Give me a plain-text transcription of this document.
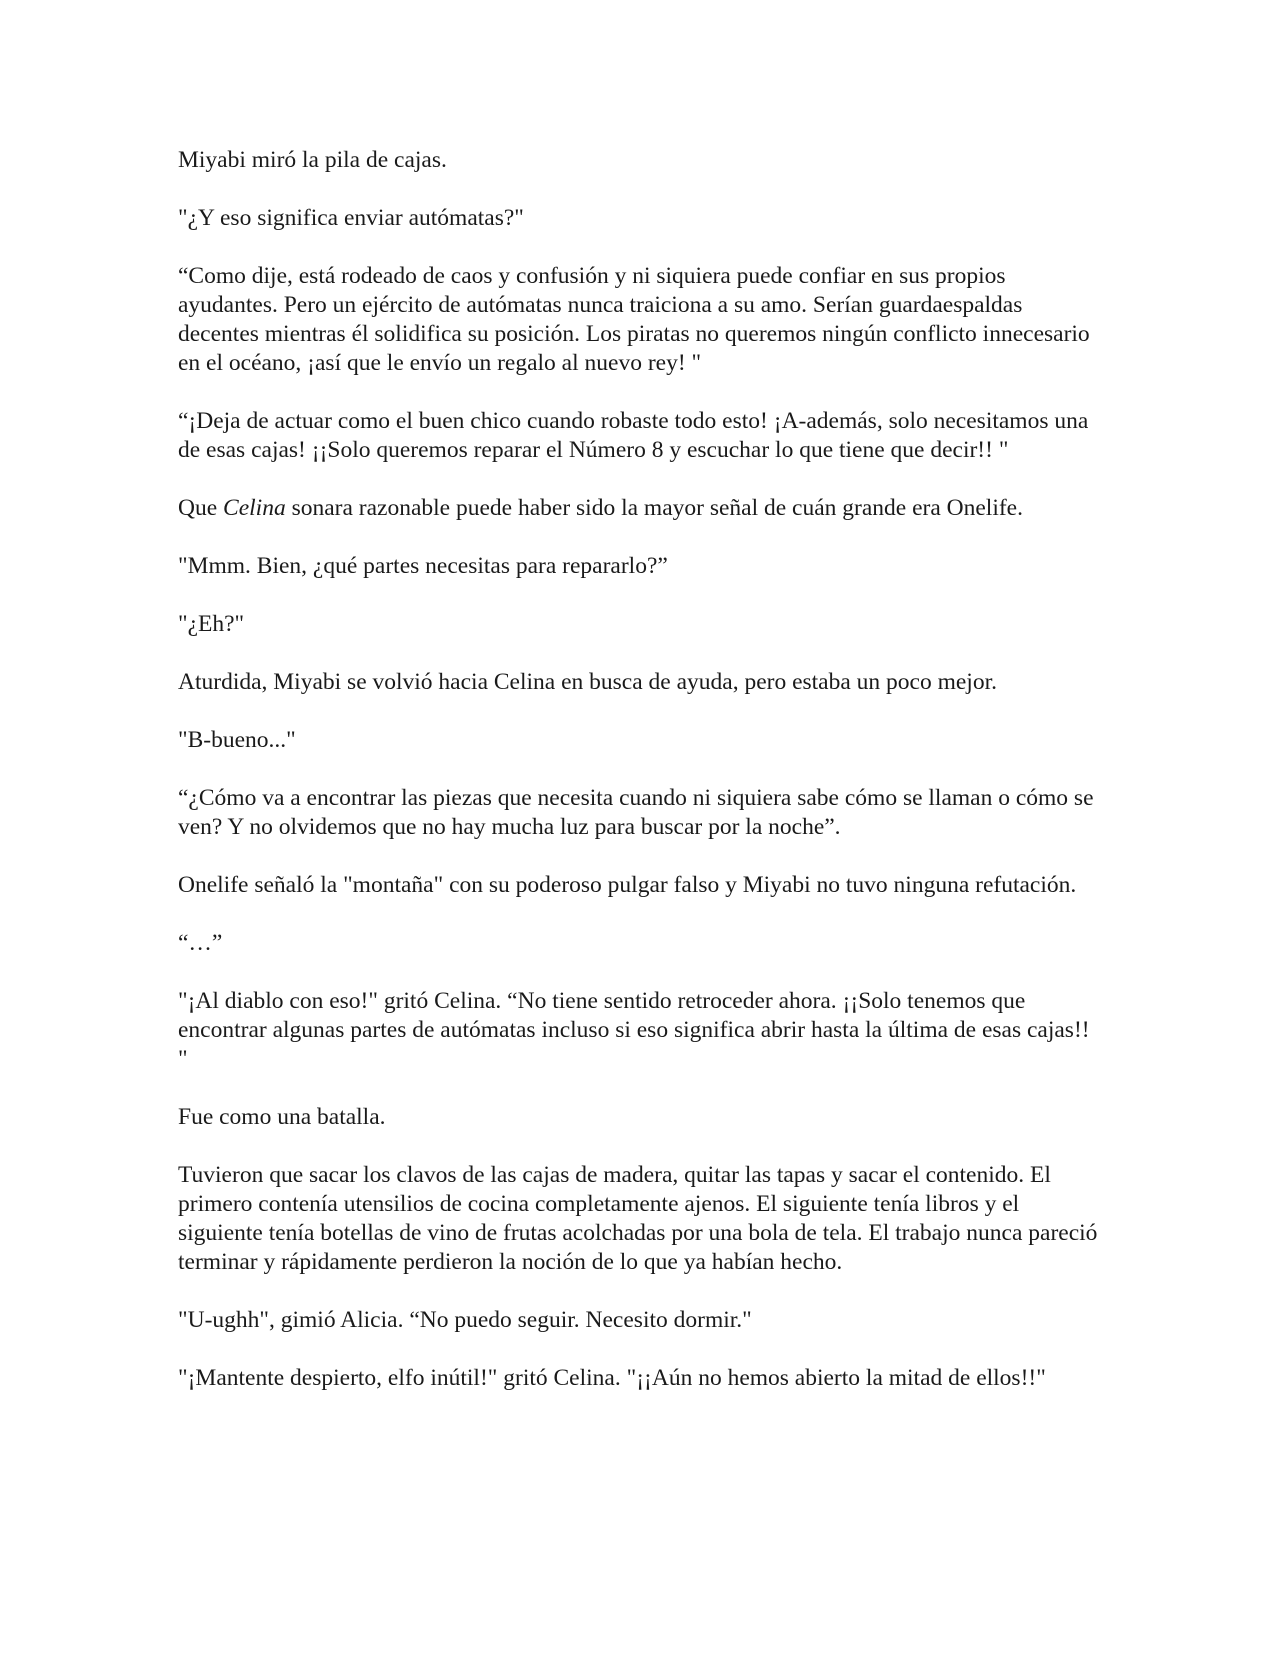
Miyabi miró la pila de cajas.

"¿Y eso significa enviar autómatas?"

“Como dije, está rodeado de caos y confusión y ni siquiera puede confiar en sus propios ayudantes. Pero un ejército de autómatas nunca traiciona a su amo. Serían guardaespaldas decentes mientras él solidifica su posición. Los piratas no queremos ningún conflicto innecesario en el océano, ¡así que le envío un regalo al nuevo rey! "

“¡Deja de actuar como el buen chico cuando robaste todo esto! ¡A-además, solo necesitamos una de esas cajas! ¡¡Solo queremos reparar el Número 8 y escuchar lo que tiene que decir!! "

Que Celina sonara razonable puede haber sido la mayor señal de cuán grande era Onelife.

"Mmm. Bien, ¿qué partes necesitas para repararlo?”

"¿Eh?"

Aturdida, Miyabi se volvió hacia Celina en busca de ayuda, pero estaba un poco mejor.

"B-bueno..."

“¿Cómo va a encontrar las piezas que necesita cuando ni siquiera sabe cómo se llaman o cómo se ven? Y no olvidemos que no hay mucha luz para buscar por la noche”.

Onelife señaló la "montaña" con su poderoso pulgar falso y Miyabi no tuvo ninguna refutación.

“…”

"¡Al diablo con eso!" gritó Celina. “No tiene sentido retroceder ahora. ¡¡Solo tenemos que encontrar algunas partes de autómatas incluso si eso significa abrir hasta la última de esas cajas!! "

Fue como una batalla.

Tuvieron que sacar los clavos de las cajas de madera, quitar las tapas y sacar el contenido. El primero contenía utensilios de cocina completamente ajenos. El siguiente tenía libros y el siguiente tenía botellas de vino de frutas acolchadas por una bola de tela. El trabajo nunca pareció terminar y rápidamente perdieron la noción de lo que ya habían hecho.

"U-ughh", gimió Alicia. “No puedo seguir. Necesito dormir."

"¡Mantente despierto, elfo inútil!" gritó Celina. "¡¡Aún no hemos abierto la mitad de ellos!!"
